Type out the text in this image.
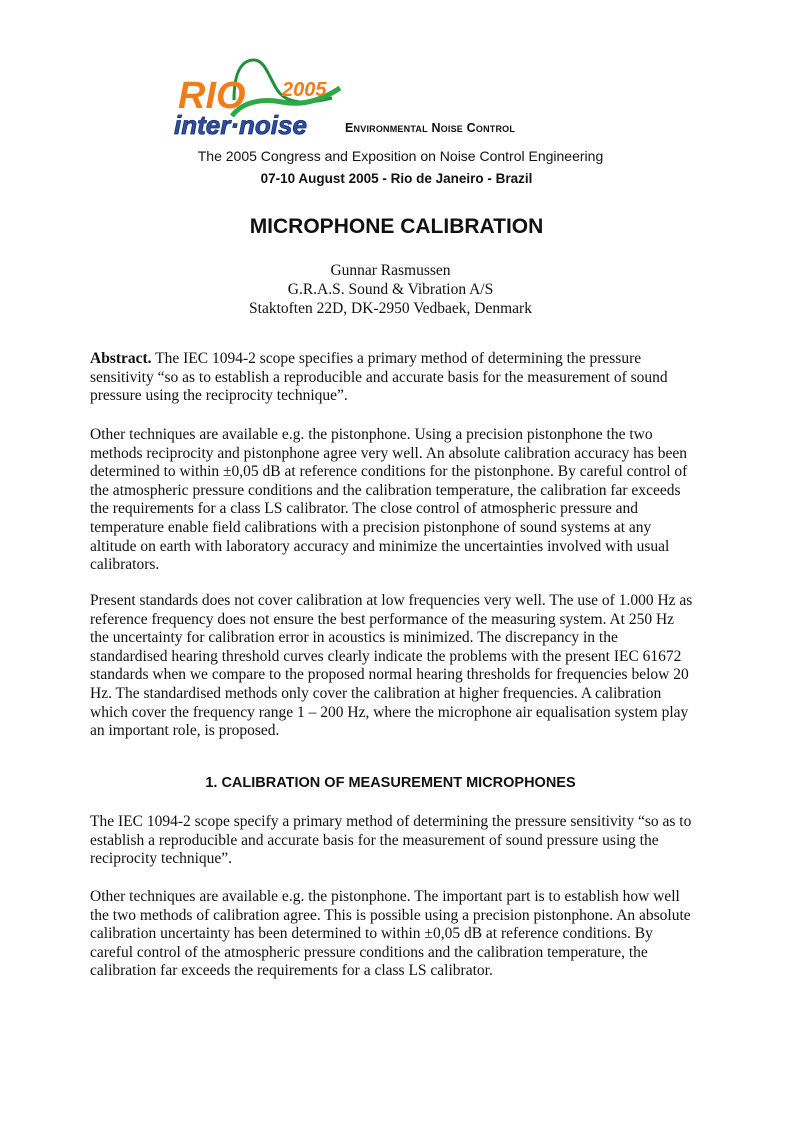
RIO 2005
inter·noise	Environmental Noise Control
The 2005 Congress and Exposition on Noise Control Engineering
07-10 August 2005 - Rio de Janeiro - Brazil
MICROPHONE CALIBRATION
Gunnar Rasmussen
G.R.A.S. Sound & Vibration A/S
Staktoften 22D, DK-2950 Vedbaek, Denmark

Abstract. The IEC 1094-2 scope specifies a primary method of determining the pressure sensitivity “so as to establish a reproducible and accurate basis for the measurement of sound pressure using the reciprocity technique”.

Other techniques are available e.g. the pistonphone. Using a precision pistonphone the two methods reciprocity and pistonphone agree very well. An absolute calibration accuracy has been determined to within ±0,05 dB at reference conditions for the pistonphone. By careful control of the atmospheric pressure conditions and the calibration temperature, the calibration far exceeds the requirements for a class LS calibrator. The close control of atmospheric pressure and temperature enable field calibrations with a precision pistonphone of sound systems at any altitude on earth with laboratory accuracy and minimize the uncertainties involved with usual calibrators.

Present standards does not cover calibration at low frequencies very well. The use of 1.000 Hz as reference frequency does not ensure the best performance of the measuring system. At 250 Hz the uncertainty for calibration error in acoustics is minimized. The discrepancy in the standardised hearing threshold curves clearly indicate the problems with the present IEC 61672 standards when we compare to the proposed normal hearing thresholds for frequencies below 20 Hz. The standardised methods only cover the calibration at higher frequencies. A calibration which cover the frequency range 1 – 200 Hz, where the microphone air equalisation system play an important role, is proposed.

1. CALIBRATION OF MEASUREMENT MICROPHONES

The IEC 1094-2 scope specify a primary method of determining the pressure sensitivity “so as to establish a reproducible and accurate basis for the measurement of sound pressure using the reciprocity technique”.

Other techniques are available e.g. the pistonphone. The important part is to establish how well the two methods of calibration agree. This is possible using a precision pistonphone. An absolute calibration uncertainty has been determined to within ±0,05 dB at reference conditions. By careful control of the atmospheric pressure conditions and the calibration temperature, the calibration far exceeds the requirements for a class LS calibrator.
